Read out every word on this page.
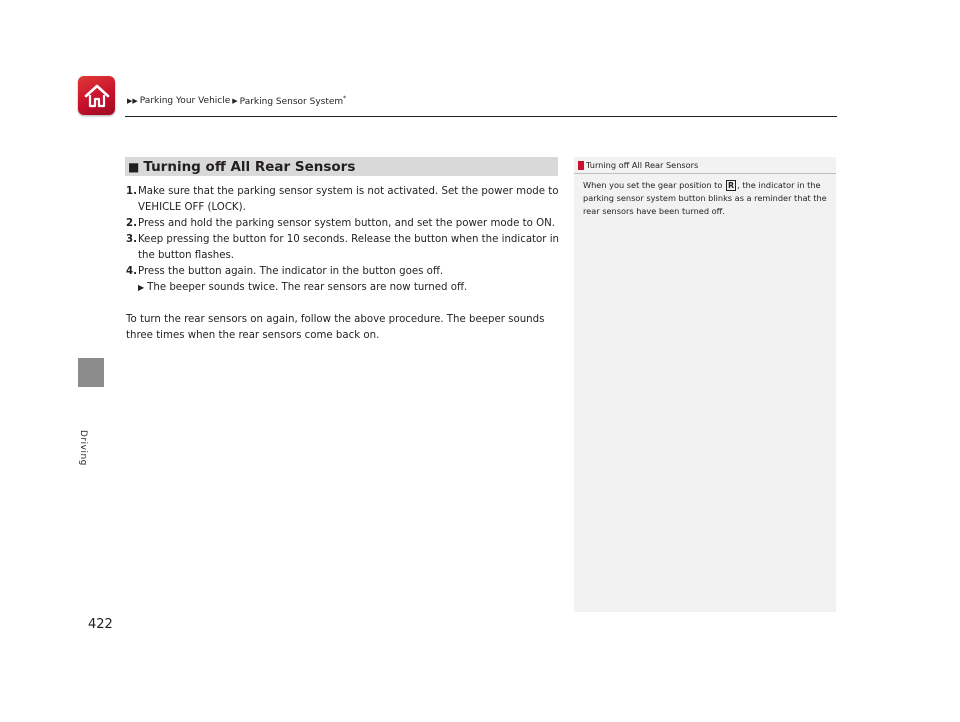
▶▶ Parking Your Vehicle ▶ Parking Sensor System*
Driving
422
■ Turning off All Rear Sensors
1. Make sure that the parking sensor system is not activated. Set the power mode to VEHICLE OFF (LOCK).
2. Press and hold the parking sensor system button, and set the power mode to ON.
3. Keep pressing the button for 10 seconds. Release the button when the indicator in the button flashes.
4. Press the button again. The indicator in the button goes off.
▶ The beeper sounds twice. The rear sensors are now turned off.
To turn the rear sensors on again, follow the above procedure. The beeper sounds three times when the rear sensors come back on.
Turning off All Rear Sensors
When you set the gear position to R , the indicator in the parking sensor system button blinks as a reminder that the rear sensors have been turned off.
